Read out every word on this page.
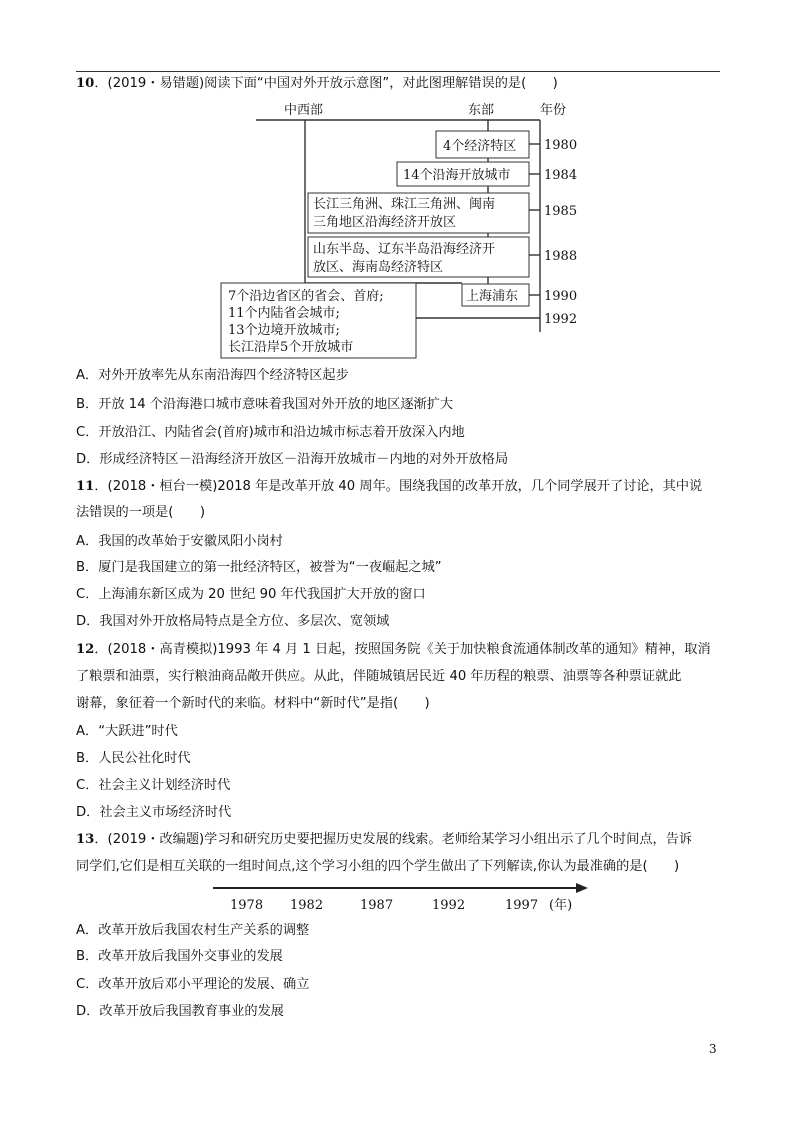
10．(2019・易错题)阅读下面“中国对外开放示意图”，对此图理解错误的是(　　)
中西部	东部	年份
4个经济特区
14个沿海开放城市
长江三角洲、珠江三角洲、闽南
三角地区沿海经济开放区
山东半岛、辽东半岛沿海经济开
放区、海南岛经济特区
上海浦东
1980
1984
1985
1988
1990
1992
7个沿边省区的省会、首府;
11个内陆省会城市;
13个边境开放城市;
长江沿岸5个开放城市
A．对外开放率先从东南沿海四个经济特区起步
B．开放 14 个沿海港口城市意味着我国对外开放的地区逐渐扩大
C．开放沿江、内陆省会(首府)城市和沿边城市标志着开放深入内地
D．形成经济特区－沿海经济开放区－沿海开放城市－内地的对外开放格局
11．(2018・桓台一模)2018 年是改革开放 40 周年。围绕我国的改革开放，几个同学展开了讨论，其中说
法错误的一项是(　　)
A．我国的改革始于安徽凤阳小岗村
B．厦门是我国建立的第一批经济特区，被誉为“一夜崛起之城”
C．上海浦东新区成为 20 世纪 90 年代我国扩大开放的窗口
D．我国对外开放格局特点是全方位、多层次、宽领域
12．(2018・高青模拟)1993 年 4 月 1 日起，按照国务院《关于加快粮食流通体制改革的通知》精神，取消
了粮票和油票，实行粮油商品敞开供应。从此，伴随城镇居民近 40 年历程的粮票、油票等各种票证就此
谢幕，象征着一个新时代的来临。材料中“新时代”是指(　　)
A．“大跃进”时代
B．人民公社化时代
C．社会主义计划经济时代
D．社会主义市场经济时代
13．(2019・改编题)学习和研究历史要把握历史发展的线索。老师给某学习小组出示了几个时间点，告诉
同学们,它们是相互关联的一组时间点,这个学习小组的四个学生做出了下列解读,你认为最准确的是(　　)
1978 1982	1987	1992	1997 (年)
A．改革开放后我国农村生产关系的调整
B．改革开放后我国外交事业的发展
C．改革开放后邓小平理论的发展、确立
D．改革开放后我国教育事业的发展
3
